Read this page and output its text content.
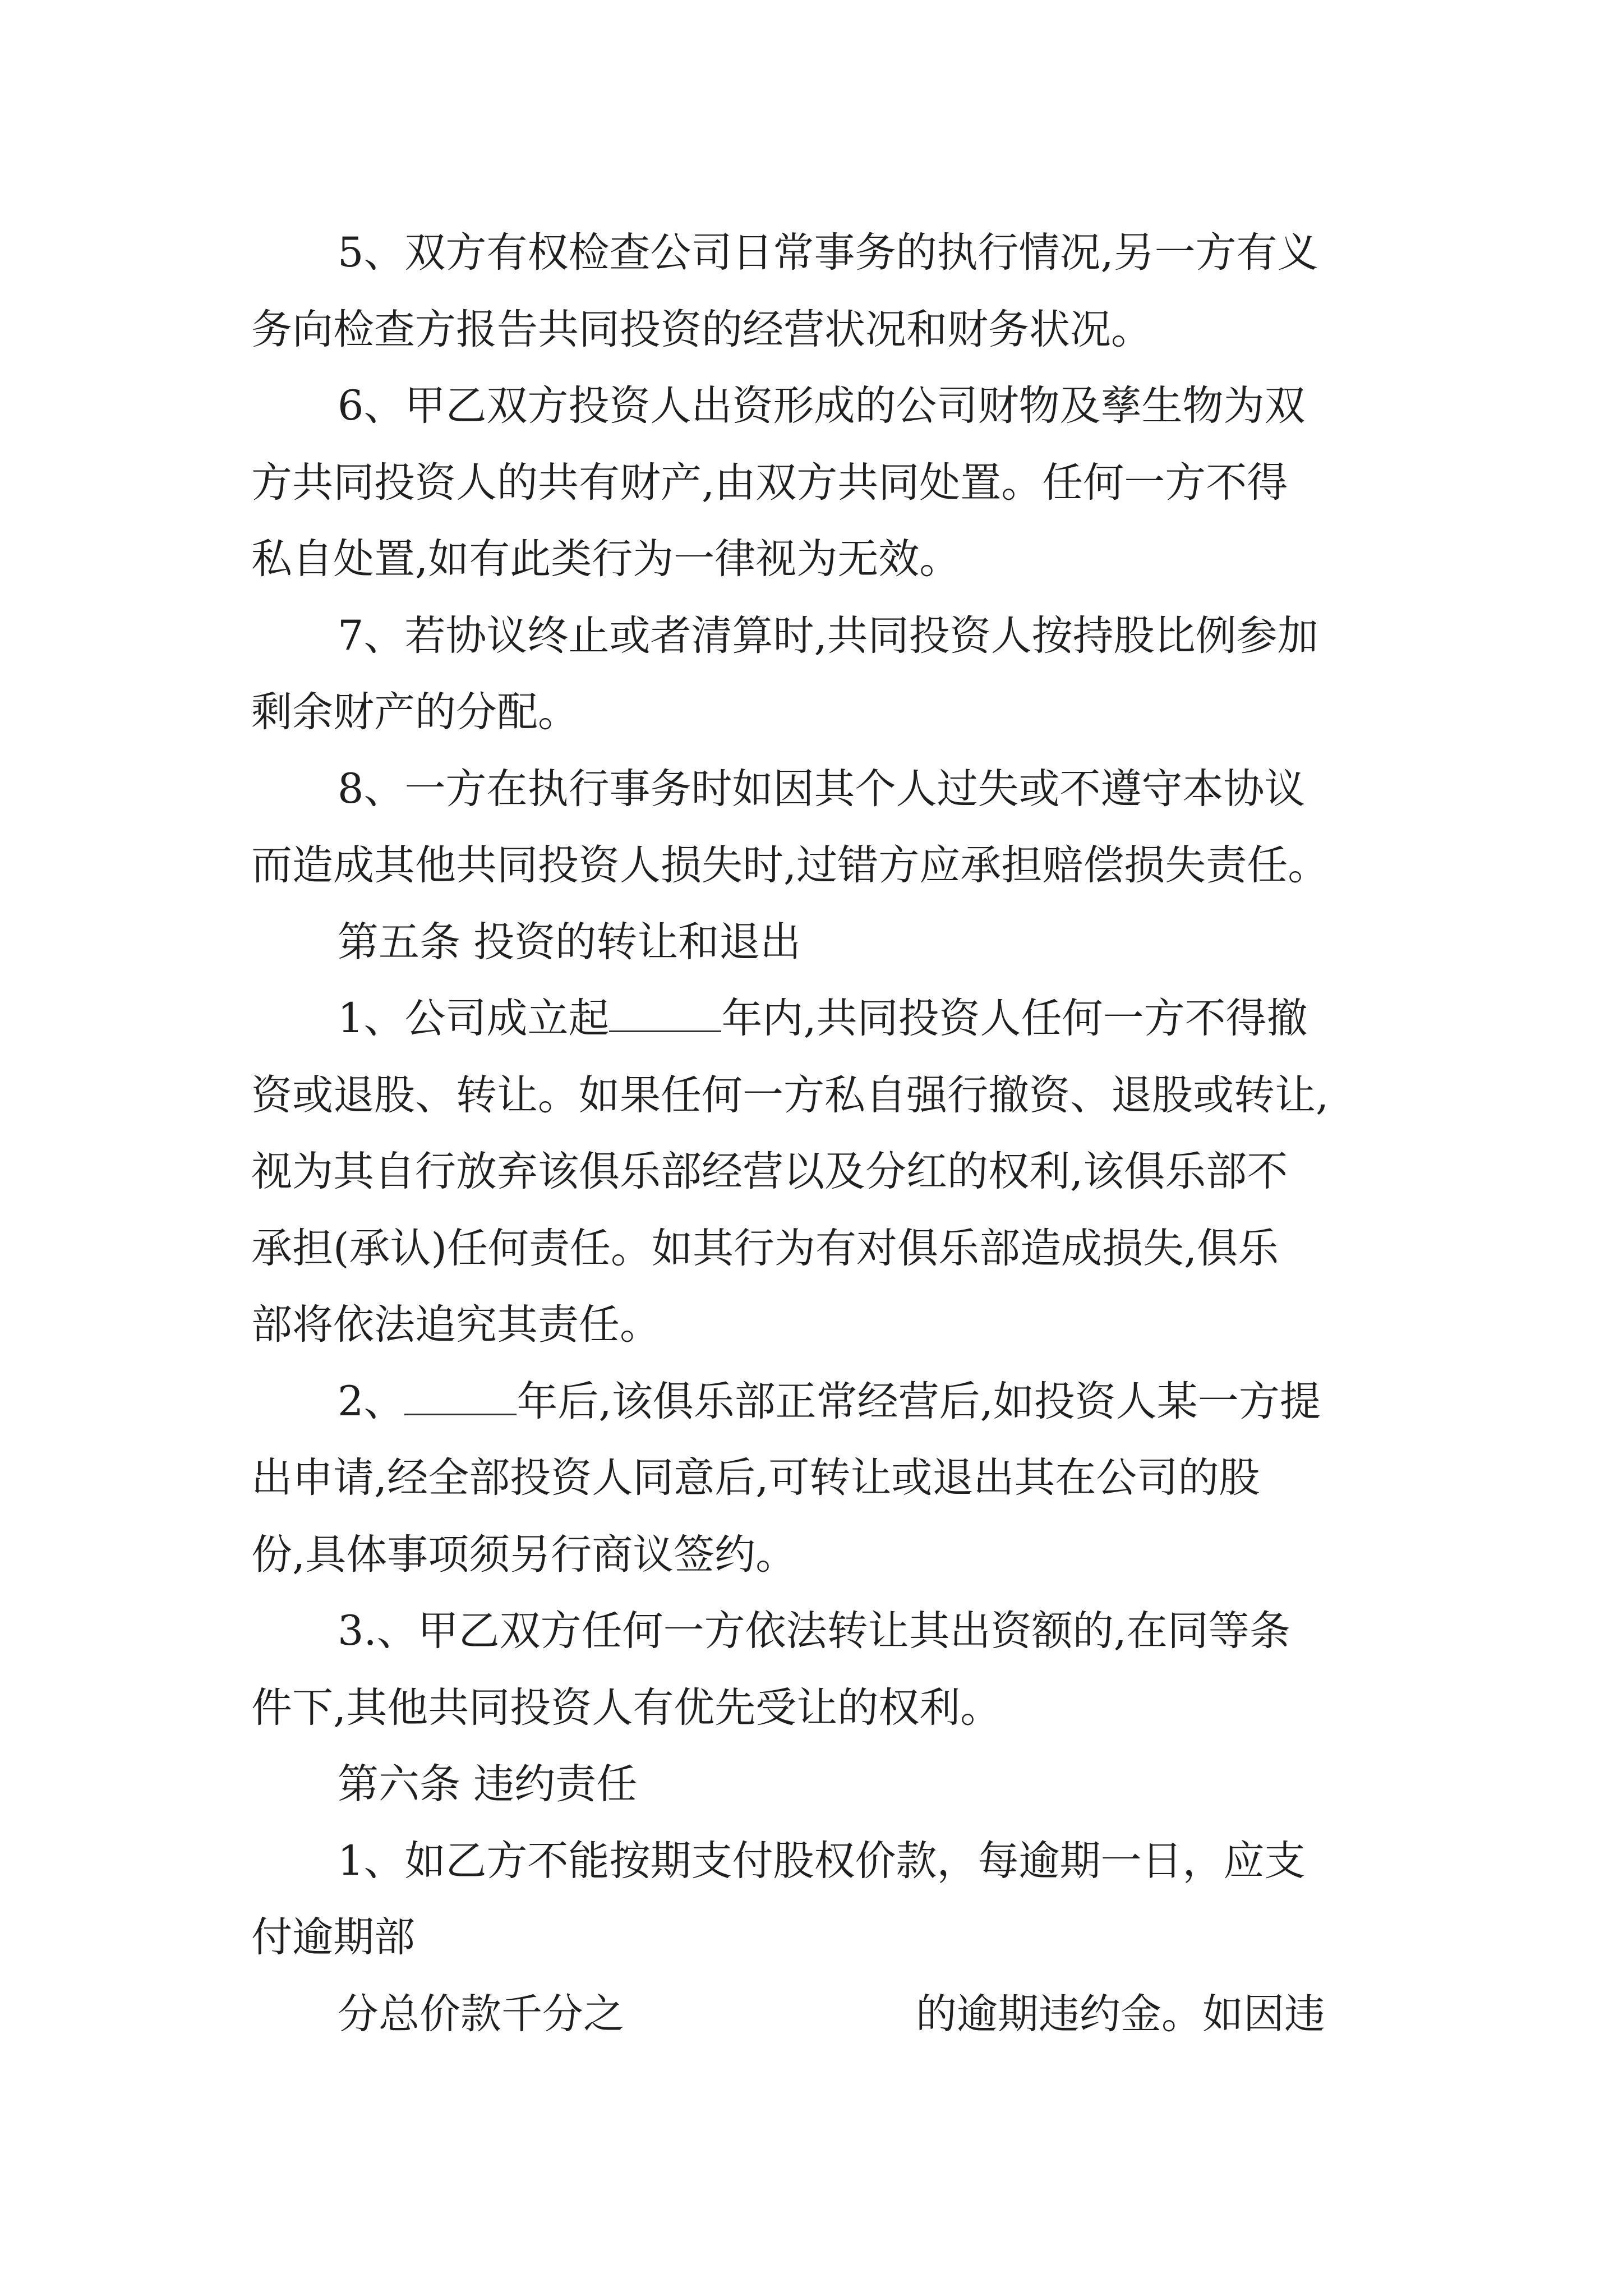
5、双方有权检查公司日常事务的执行情况,另一方有义
务向检查方报告共同投资的经营状况和财务状况。
6、甲乙双方投资人出资形成的公司财物及孳生物为双
方共同投资人的共有财产,由双方共同处置。任何一方不得
私自处置,如有此类行为一律视为无效。
7、若协议终止或者清算时,共同投资人按持股比例参加
剩余财产的分配。
8、一方在执行事务时如因其个人过失或不遵守本协议
而造成其他共同投资人损失时,过错方应承担赔偿损失责任。
第五条 投资的转让和退出
1、公司成立起	年内,共同投资人任何一方不得撤
资或退股、转让。如果任何一方私自强行撤资、退股或转让,
视为其自行放弃该俱乐部经营以及分红的权利,该俱乐部不
承担(承认)任何责任。如其行为有对俱乐部造成损失,俱乐
部将依法追究其责任。
2、	年后,该俱乐部正常经营后,如投资人某一方提
出申请,经全部投资人同意后,可转让或退出其在公司的股
份,具体事项须另行商议签约。
3.、甲乙双方任何一方依法转让其出资额的,在同等条
件下,其他共同投资人有优先受让的权利。
第六条 违约责任
1、如乙方不能按期支付股权价款，每逾期一日，应支
付逾期部
分总价款千分之	的逾期违约金。如因违
